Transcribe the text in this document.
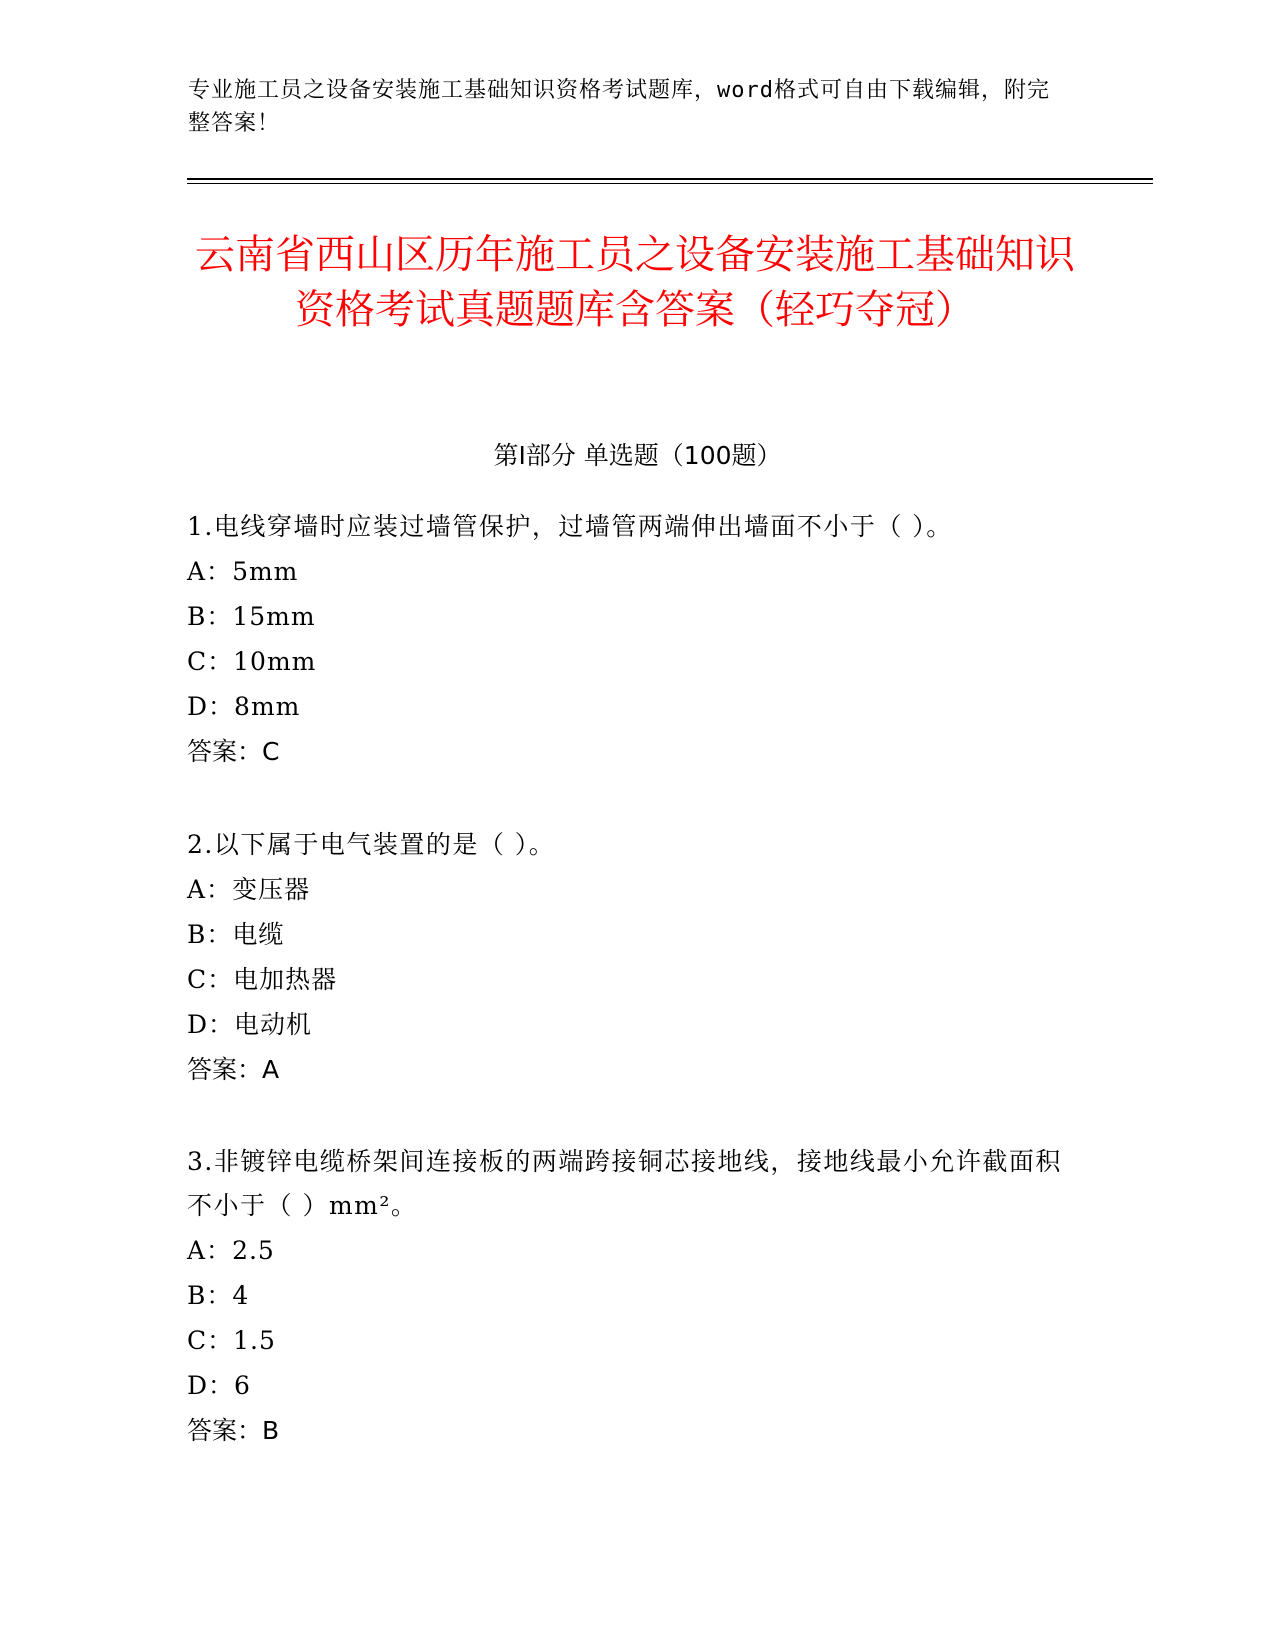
专业施工员之设备安装施工基础知识资格考试题库，word格式可自由下载编辑，附完整答案！
云南省西山区历年施工员之设备安装施工基础知识资格考试真题题库含答案（轻巧夺冠）
第Ⅰ部分 单选题（100题）
1.电线穿墙时应装过墙管保护，过墙管两端伸出墙面不小于（ ）。
A：5mm
B：15mm
C：10mm
D：8mm
答案：C
2.以下属于电气装置的是（ ）。
A：变压器
B：电缆
C：电加热器
D：电动机
答案：A
3.非镀锌电缆桥架间连接板的两端跨接铜芯接地线，接地线最小允许截面积不小于（ ）mm²。
A：2.5
B：4
C：1.5
D：6
答案：B
